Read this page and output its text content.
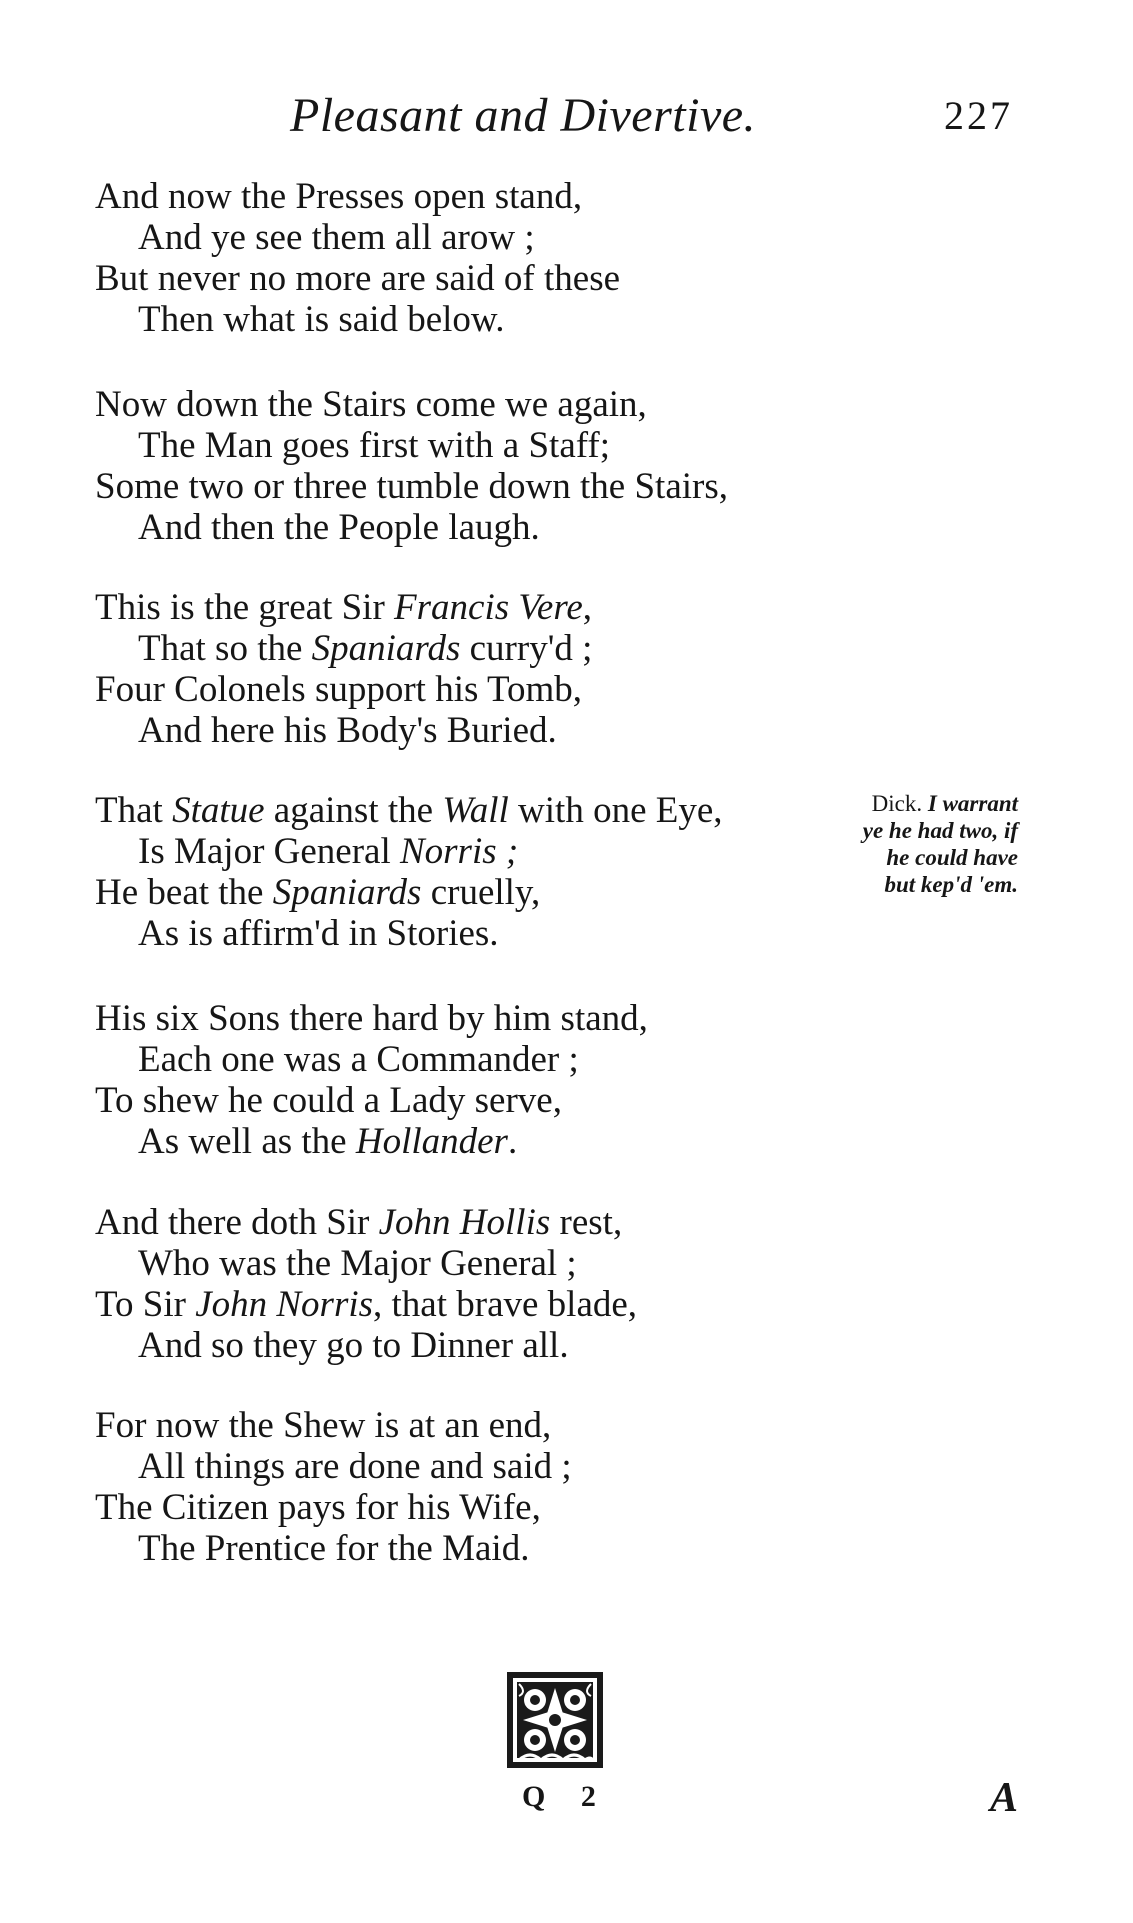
Pleasant and Divertive.	227
And now the Presses open stand,
And ye see them all arow ;
But never no more are said of these
Then what is said below.
Now down the Stairs come we again,
The Man goes first with a Staff;
Some two or three tumble down the Stairs,
And then the People laugh.
This is the great Sir Francis Vere,
That so the Spaniards curry'd ;
Four Colonels support his Tomb,
And here his Body's Buried.
That Statue against the Wall with one Eye,
Is Major General Norris ;
He beat the Spaniards cruelly,
As is affirm'd in Stories.
His six Sons there hard by him stand,
Each one was a Commander ;
To shew he could a Lady serve,
As well as the Hollander.
And there doth Sir John Hollis rest,
Who was the Major General ;
To Sir John Norris, that brave blade,
And so they go to Dinner all.
For now the Shew is at an end,
All things are done and said ;
The Citizen pays for his Wife,
The Prentice for the Maid.
Dick. I warrant
ye he had two, if
he could have
but kep'd 'em.
Q 2	A
